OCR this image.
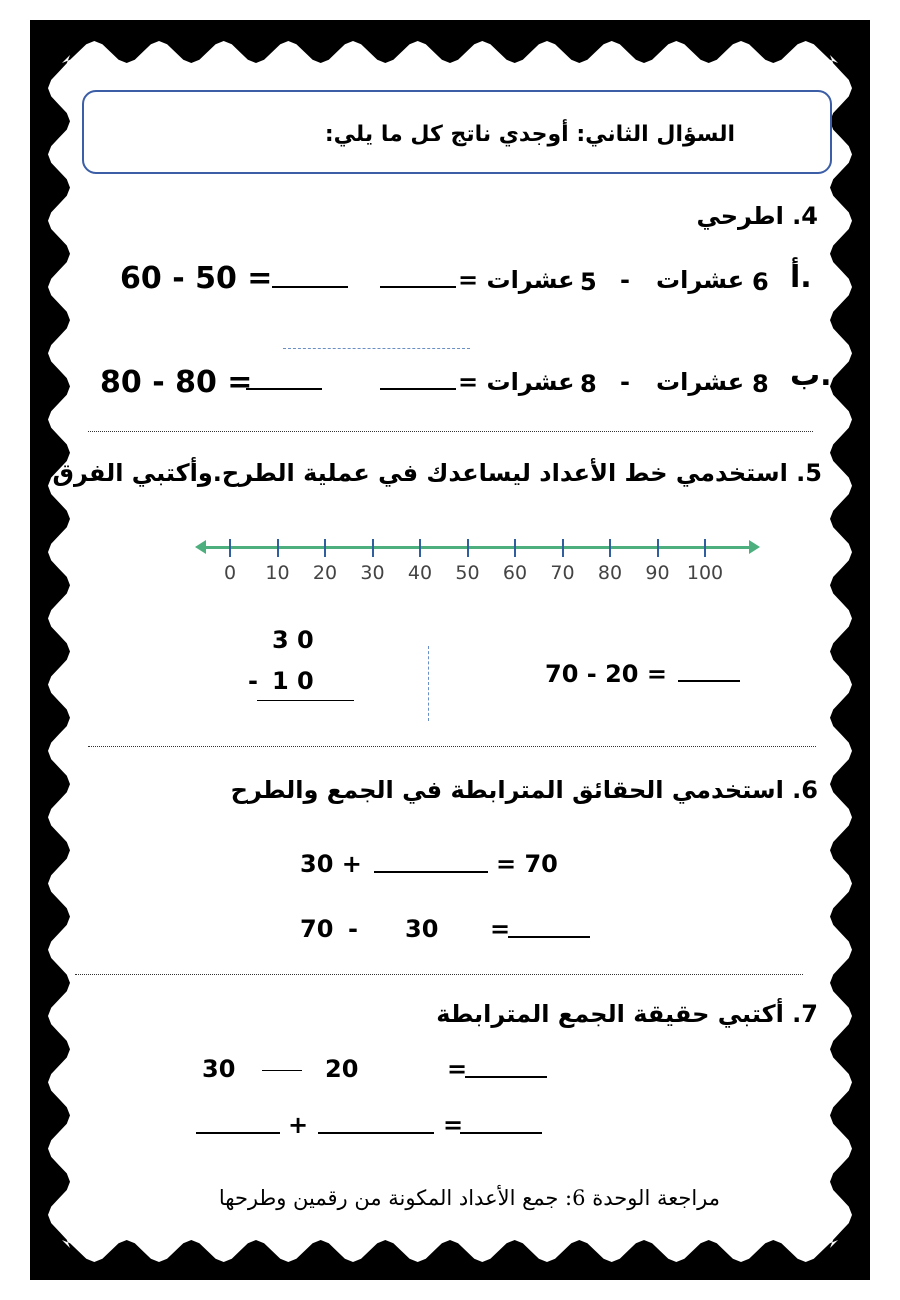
السؤال الثاني: أوجدي ناتج كل ما يلي:
4. اطرحي
أ.
6
عشرات
-
5
عشرات =
= 50 - 60
ب.
8
عشرات
-
8
عشرات =
= 80 - 80
5. استخدمي خط الأعداد ليساعدك في عملية الطرح.وأكتبي الفرق.
0	10	20	30	40	50	60	70	80	90 100
3 0
- 1 0	70 - 20 =
6. استخدمي الحقائق المترابطة في الجمع والطرح
30 +	= 70
70 - 30 =
7. أكتبي حقيقة الجمع المترابطة
30	20	=
+	=
مراجعة الوحدة 6: جمع الأعداد المكونة من رقمين وطرحها
